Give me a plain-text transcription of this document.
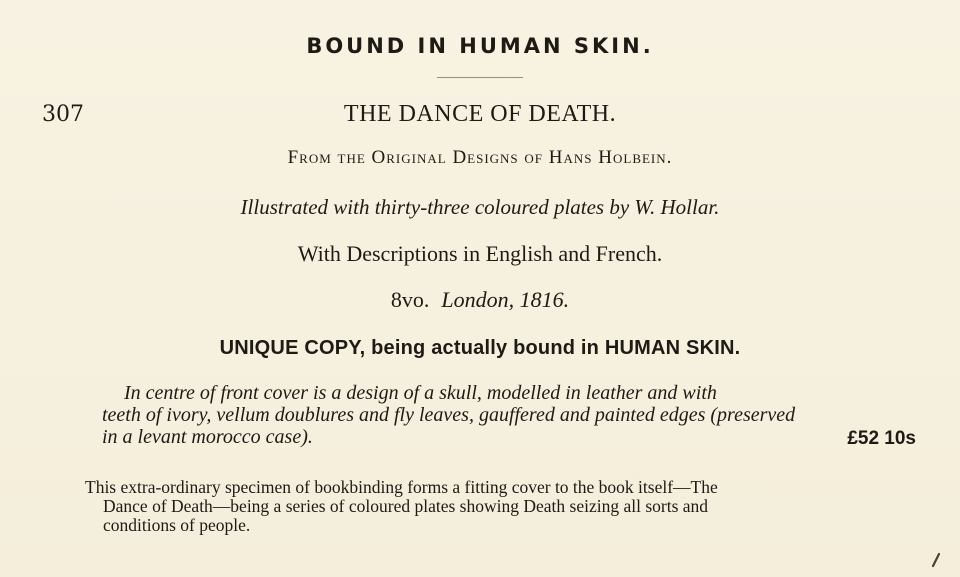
BOUND IN HUMAN SKIN.
307	THE DANCE OF DEATH.
From the Original Designs of Hans Holbein.
Illustrated with thirty-three coloured plates by W. Hollar.
With Descriptions in English and French.
8vo. London, 1816.
UNIQUE COPY, being actually bound in HUMAN SKIN.
In centre of front cover is a design of a skull, modelled in leather and with
teeth of ivory, vellum doublures and fly leaves, gauffered and painted edges (preserved
in a levant morocco case).	£52 10s
This extra-ordinary specimen of bookbinding forms a fitting cover to the book itself—The
Dance of Death—being a series of coloured plates showing Death seizing all sorts and
conditions of people.
